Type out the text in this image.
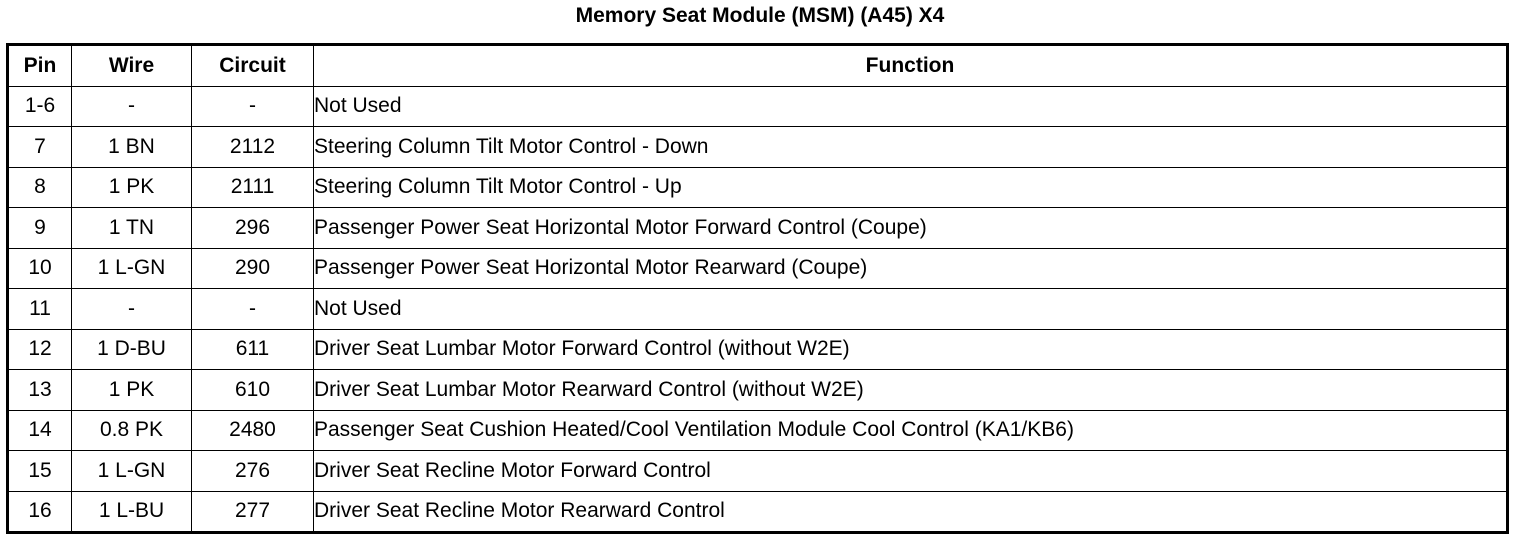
Memory Seat Module (MSM) (A45) X4
Pin	Wire	Circuit	Function
1-6	-	-	Not Used
7	1 BN	2112	Steering Column Tilt Motor Control - Down
8	1 PK	2111	Steering Column Tilt Motor Control - Up
9	1 TN	296	Passenger Power Seat Horizontal Motor Forward Control (Coupe)
10	1 L-GN	290	Passenger Power Seat Horizontal Motor Rearward (Coupe)
11	-	-	Not Used
12	1 D-BU	611	Driver Seat Lumbar Motor Forward Control (without W2E)
13	1 PK	610	Driver Seat Lumbar Motor Rearward Control (without W2E)
14	0.8 PK	2480	Passenger Seat Cushion Heated/Cool Ventilation Module Cool Control (KA1/KB6)
15	1 L-GN	276	Driver Seat Recline Motor Forward Control
16	1 L-BU	277	Driver Seat Recline Motor Rearward Control
